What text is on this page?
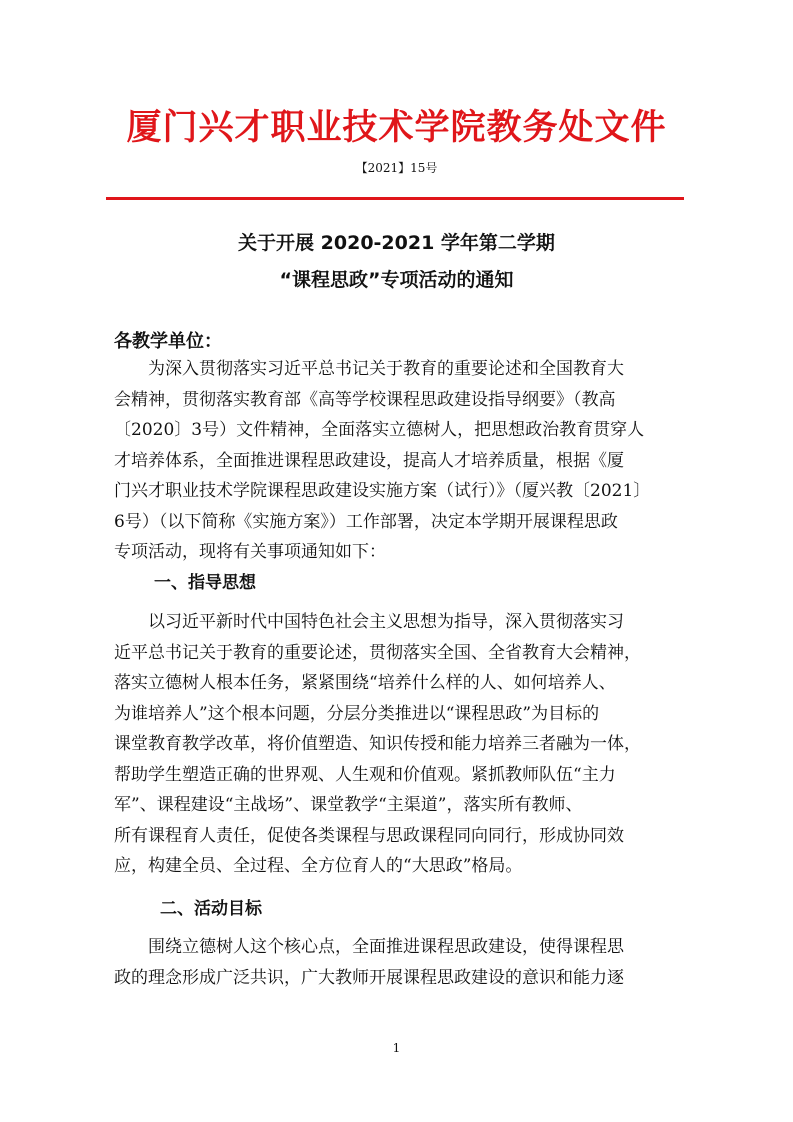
厦门兴才职业技术学院教务处文件
【2021】15号
关于开展 2020-2021 学年第二学期
“课程思政”专项活动的通知
各教学单位：
　　为深入贯彻落实习近平总书记关于教育的重要论述和全国教育大
会精神，贯彻落实教育部《高等学校课程思政建设指导纲要》（教高
〔2020〕3号）文件精神，全面落实立德树人，把思想政治教育贯穿人
才培养体系，全面推进课程思政建设，提高人才培养质量，根据《厦
门兴才职业技术学院课程思政建设实施方案（试行）》（厦兴教〔2021〕
6号）（以下简称《实施方案》）工作部署，决定本学期开展课程思政
专项活动，现将有关事项通知如下：
一、指导思想
　　以习近平新时代中国特色社会主义思想为指导，深入贯彻落实习
近平总书记关于教育的重要论述，贯彻落实全国、全省教育大会精神，
落实立德树人根本任务，紧紧围绕“培养什么样的人、如何培养人、
为谁培养人”这个根本问题，分层分类推进以“课程思政”为目标的
课堂教育教学改革，将价值塑造、知识传授和能力培养三者融为一体，
帮助学生塑造正确的世界观、人生观和价值观。紧抓教师队伍“主力
军”、课程建设“主战场”、课堂教学“主渠道”，落实所有教师、
所有课程育人责任，促使各类课程与思政课程同向同行，形成协同效
应，构建全员、全过程、全方位育人的“大思政”格局。
二、活动目标
　　围绕立德树人这个核心点，全面推进课程思政建设，使得课程思
政的理念形成广泛共识，广大教师开展课程思政建设的意识和能力逐
1
